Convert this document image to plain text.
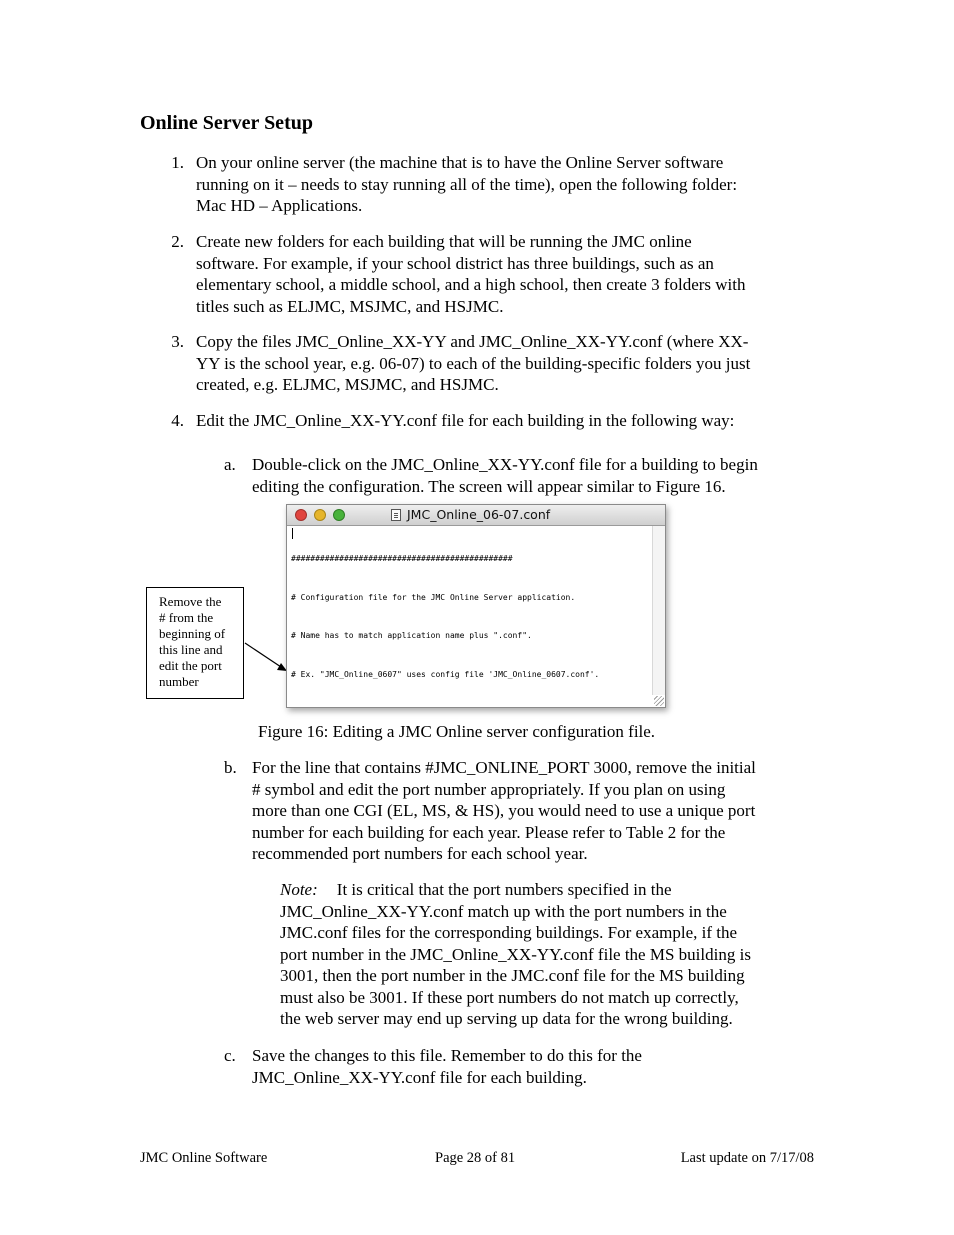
Online Server Setup
1. On your online server (the machine that is to have the Online Server software
running on it – needs to stay running all of the time), open the following folder:
Mac HD – Applications.
2. Create new folders for each building that will be running the JMC online
software. For example, if your school district has three buildings, such as an
elementary school, a middle school, and a high school, then create 3 folders with
titles such as ELJMC, MSJMC, and HSJMC.
3. Copy the files JMC_Online_XX-YY and JMC_Online_XX-YY.conf (where XX-
YY is the school year, e.g. 06-07) to each of the building-specific folders you just
created, e.g. ELJMC, MSJMC, and HSJMC.
4. Edit the JMC_Online_XX-YY.conf file for each building in the following way:
a. Double-click on the JMC_Online_XX-YY.conf file for a building to begin
editing the configuration. The screen will appear similar to Figure 16.
Remove the
# from the
beginning of
this line and
edit the port
number
JMC_Online_06-07.conf

##############################################

# Configuration file for the JMC Online Server application.

# Name has to match application name plus ".conf".

# Ex. "JMC_Online_0607" uses config file 'JMC_Online_0607.conf'.

Figure 16: Editing a JMC Online server configuration file.
b. For the line that contains #JMC_ONLINE_PORT 3000, remove the initial
# symbol and edit the port number appropriately. If you plan on using
more than one CGI (EL, MS, & HS), you would need to use a unique port
number for each building for each year. Please refer to Table 2 for the
recommended port numbers for each school year.
Note: It is critical that the port numbers specified in the
JMC_Online_XX-YY.conf match up with the port numbers in the
JMC.conf files for the corresponding buildings. For example, if the
port number in the JMC_Online_XX-YY.conf file the MS building is
3001, then the port number in the JMC.conf file for the MS building
must also be 3001. If these port numbers do not match up correctly,
the web server may end up serving up data for the wrong building.
c. Save the changes to this file. Remember to do this for the
JMC_Online_XX-YY.conf file for each building.
JMC Online Software	Page 28 of 81	Last update on 7/17/08
